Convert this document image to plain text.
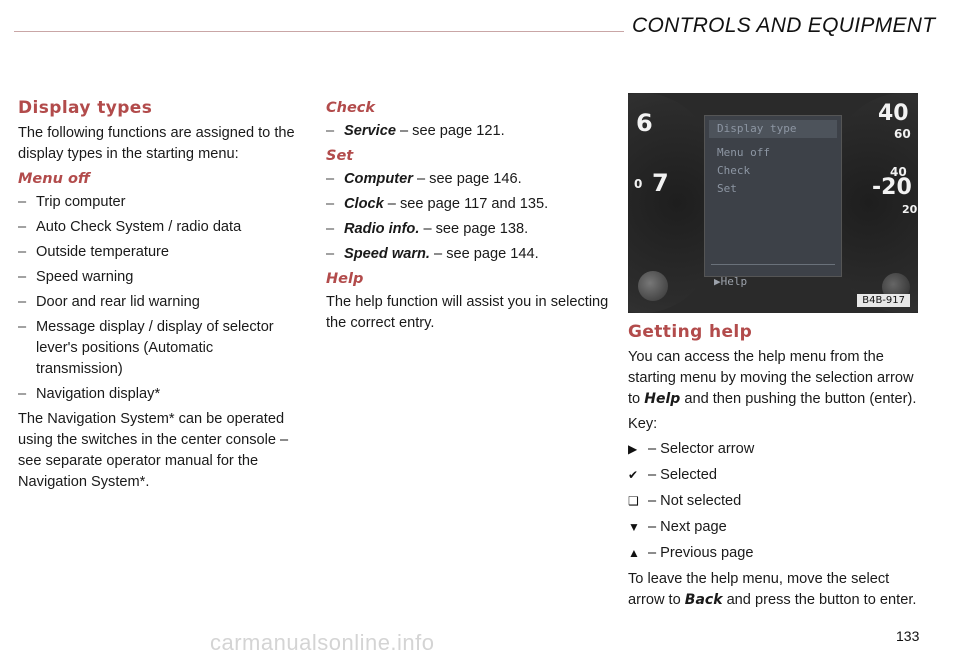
CONTROLS AND EQUIPMENT
Display types

The following functions are assigned to the display types in the starting menu:

Menu off
– Trip computer
– Auto Check System / radio data
– Outside temperature
– Speed warning
– Door and rear lid warning
– Message display / display of selector lever's positions (Automatic transmission)
– Navigation display*

The Navigation System* can be operated using the switches in the center console – see separate operator manual for the Navigation System*.

Check
– Service – see page 121.
Set
– Computer – see page 146.
– Clock – see page 117 and 135.
– Radio info. – see page 138.
– Speed warn. – see page 144.
Help

The help function will assist you in selecting the correct entry.

6
7
0
40
60
40
-20
20
Display type
Menu off
Check
Set
▶Help
B4B-917
Getting help

You can access the help menu from the starting menu by moving the selection arrow to Help and then pushing the button (enter).

Key:

▶ – Selector arrow
✔ – Selected
❑ – Not selected
▼ – Next page
▲ – Previous page

To leave the help menu, move the select arrow to Back and press the button to enter.

carmanualsonline.info	133
